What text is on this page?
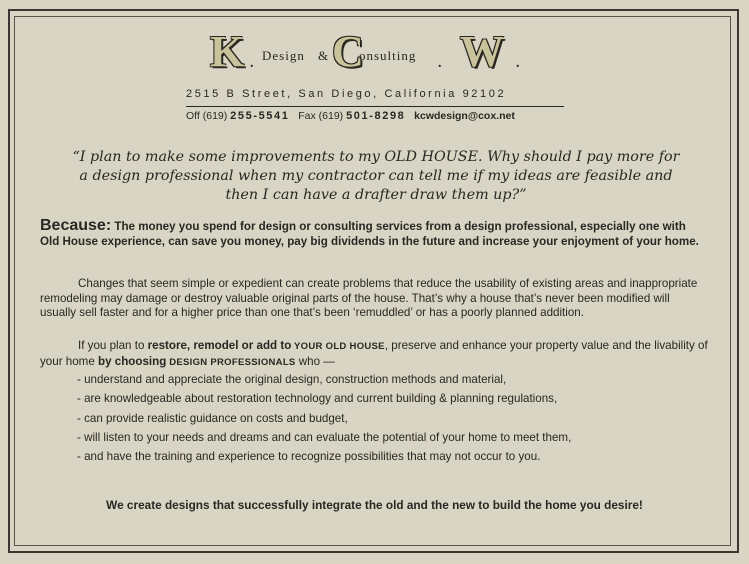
K .
Design & C
onsulting
. W .
2515 B Street, San Diego, California 92102
Off (619) 255-5541 Fax (619) 501-8298 kcwdesign@cox.net
“I plan to make some improvements to my OLD HOUSE. Why should I pay more for a design professional when my contractor can tell me if my ideas are feasible and then I can have a drafter draw them up?”
Because: The money you spend for design or consulting services from a design professional, especially one with Old House experience, can save you money, pay big dividends in the future and increase your enjoyment of your home.
Changes that seem simple or expedient can create problems that reduce the usability of existing areas and inappropriate remodeling may damage or destroy valuable original parts of the house. That’s why a house that’s never been modified will usually sell faster and for a higher price than one that’s been ‘remuddled’ or has a poorly planned addition.
If you plan to restore, remodel or add to YOUR OLD HOUSE, preserve and enhance your property value and the livability of your home by choosing DESIGN PROFESSIONALS who —
- understand and appreciate the original design, construction methods and material,
- are knowledgeable about restoration technology and current building & planning regulations,
- can provide realistic guidance on costs and budget,
- will listen to your needs and dreams and can evaluate the potential of your home to meet them,
- and have the training and experience to recognize possibilities that may not occur to you.
We create designs that successfully integrate the old and the new to build the home you desire!
